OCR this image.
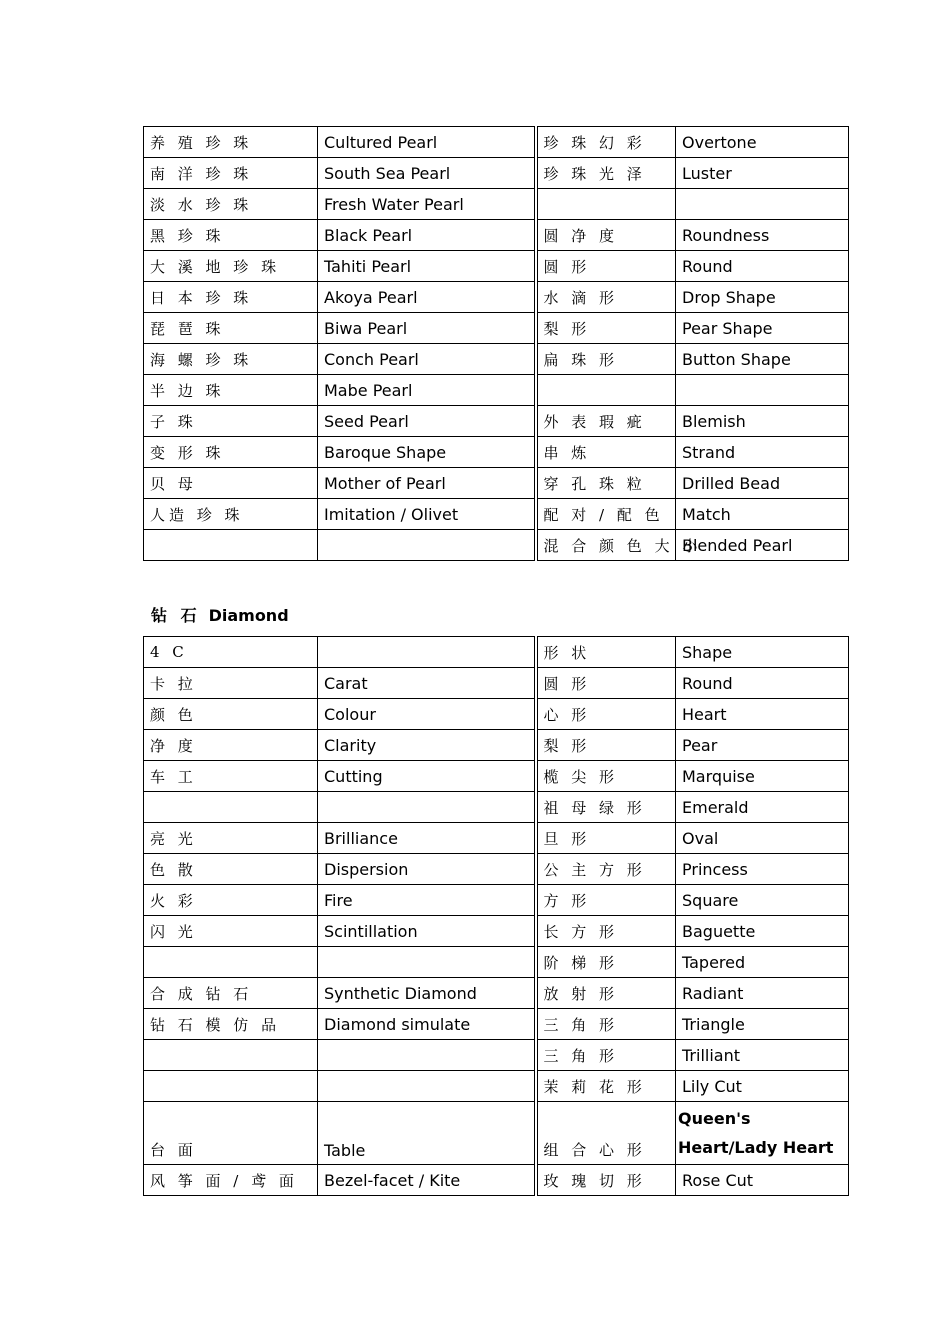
养 殖 珍 珠	Cultured Pearl	珍 珠 幻 彩	Overtone
南 洋 珍 珠	South Sea Pearl	珍 珠 光 泽	Luster
淡 水 珍 珠	Fresh Water Pearl		
黑 珍 珠	Black Pearl	圆 净 度	Roundness
大 溪 地 珍 珠	Tahiti Pearl	圆 形	Round
日 本 珍 珠	Akoya Pearl	水 滴 形	Drop Shape
琵 琶 珠	Biwa Pearl	梨 形	Pear Shape
海 螺 珍 珠	Conch Pearl	扁 珠 形	Button Shape
半 边 珠	Mabe Pearl		
子 珠	Seed Pearl	外 表 瑕 疵	Blemish
变 形 珠	Baroque Shape	串 炼	Strand
贝 母	Mother of Pearl	穿 孔 珠 粒	Drilled Bead
人造 珍 珠	Imitation / Olivet	配 对 / 配 色	Match
		混 合 颜 色 大 小	Blended Pearl
钻 石 Diamond
4 C		形 状	Shape
卡 拉	Carat	圆 形	Round
颜 色	Colour	心 形	Heart
净 度	Clarity	梨 形	Pear
车 工	Cutting	榄 尖 形	Marquise
		祖 母 绿 形	Emerald
亮 光	Brilliance	旦 形	Oval
色 散	Dispersion	公 主 方 形	Princess
火 彩	Fire	方 形	Square
闪 光	Scintillation	长 方 形	Baguette
		阶 梯 形	Tapered
合 成 钻 石	Synthetic Diamond	放 射 形	Radiant
钻 石 模 仿 品	Diamond simulate	三 角 形	Triangle
		三 角 形	Trilliant
		茉 莉 花 形	Lily Cut
台 面	Table	组 合 心 形	Queen's Heart/Lady Heart
风 筝 面 / 鸢 面	Bezel-facet / Kite	玫 瑰 切 形	Rose Cut
